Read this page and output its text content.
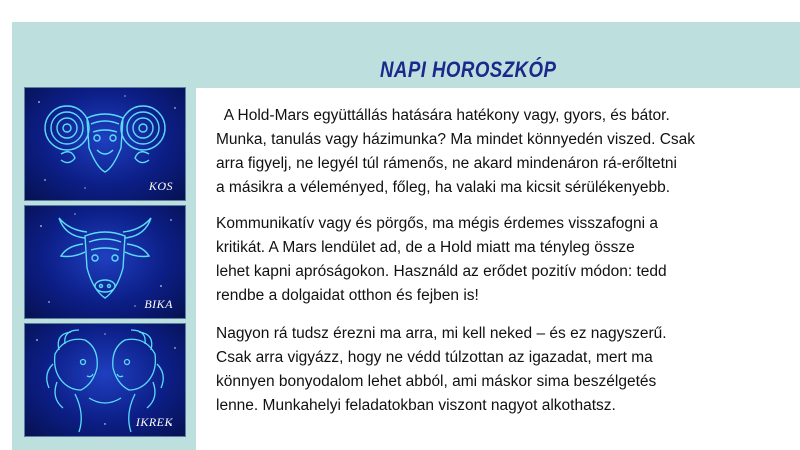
NAPI HOROSZKÓP
KOS
BIKA
IKREK
A Hold-Mars együttállás hatására hatékony vagy, gyors, és bátor.
Munka, tanulás vagy házimunka? Ma mindet könnyedén viszed. Csak
arra figyelj, ne legyél túl rámenős, ne akard mindenáron rá-erőltetni
a másikra a véleményed, főleg, ha valaki ma kicsit sérülékenyebb.
Kommunikatív vagy és pörgős, ma mégis érdemes visszafogni a
kritikát. A Mars lendület ad, de a Hold miatt ma tényleg össze
lehet kapni apróságokon. Használd az erődet pozitív módon: tedd
rendbe a dolgaidat otthon és fejben is!
Nagyon rá tudsz érezni ma arra, mi kell neked – és ez nagyszerű.
Csak arra vigyázz, hogy ne védd túlzottan az igazadat, mert ma
könnyen bonyodalom lehet abból, ami máskor sima beszélgetés
lenne. Munkahelyi feladatokban viszont nagyot alkothatsz.
